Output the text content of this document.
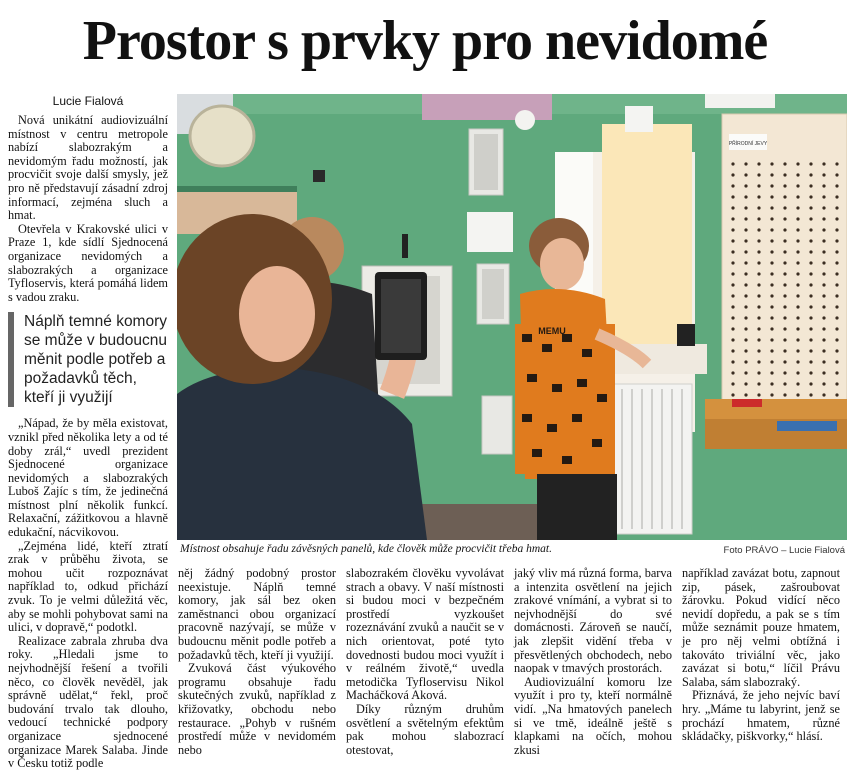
Prostor s prvky pro nevidomé
Lucie Fialová

Nová unikátní audiovizuální místnost v centru metropole nabízí slabozrakým a nevidomým řadu možností, jak procvičit svoje další smysly, jež pro ně představují zásadní zdroj informací, zejména sluch a hmat.

Otevřela v Krakovské ulici v Praze 1, kde sídlí Sjednocená organizace nevidomých a slabozrakých a organizace Tyfloservis, která pomáhá lidem s vadou zraku.

Náplň temné komory se může v budoucnu měnit podle potřeb a požadavků těch, kteří ji využijí

„Nápad, že by měla existovat, vznikl před několika lety a od té doby zrál,“ uvedl prezident Sjednocené organizace nevidomých a slabozrakých Luboš Zajíc s tím, že jedinečná místnost plní několik funkcí. Relaxační, zážitkovou a hlavně edukační, nácvikovou.

„Zejména lidé, kteří ztratí zrak v průběhu života, se mohou učit rozpoznávat například to, odkud přichází zvuk. To je velmi důležitá věc, aby se mohli pohybovat sami na ulici, v dopravě,“ podotkl.

Realizace zabrala zhruba dva roky. „Hledali jsme to nejvhodnější řešení a tvořili něco, co člověk nevěděl, jak správně udělat,“ řekl, proč budování trvalo tak dlouho, vedoucí technické podpory organizace sjednocené organizace Marek Salaba. Jinde v Česku totiž podle

PŘÍRODNÍ JEVY
MEMU
Místnost obsahuje řadu závěsných panelů, kde člověk může procvičit třeba hmat.	Foto PRÁVO – Lucie Fialová

něj žádný podobný prostor neexistuje. Náplň temné komory, jak sál bez oken zaměstnanci obou organizací pracovně nazývají, se může v budoucnu měnit podle potřeb a požadavků těch, kteří ji využijí.

Zvuková část výukového programu obsahuje řadu skutečných zvuků, například z křižovatky, obchodu nebo restaurace. „Pohyb v rušném prostředí může v nevidomém nebo

slabozrakém člověku vyvolávat strach a obavy. V naší místnosti si budou moci v bezpečném prostředí vyzkoušet rozeznávání zvuků a naučit se v nich orientovat, poté tyto dovednosti budou moci využít i v reálném životě,“ uvedla metodička Tyfloservisu Nikol Macháčková Aková.

Díky různým druhům osvětlení a světelným efektům pak mohou slabozrací otestovat,

jaký vliv má různá forma, barva a intenzita osvětlení na jejich zrakové vnímání, a vybrat si to nejvhodnější do své domácnosti. Zároveň se naučí, jak zlepšit vidění třeba v přesvětlených obchodech, nebo naopak v tmavých prostorách.

Audiovizuální komoru lze využít i pro ty, kteří normálně vidí. „Na hmatových panelech si ve tmě, ideálně ještě s klapkami na očích, mohou zkusi

například zavázat botu, zapnout zip, pásek, zašroubovat žárovku. Pokud vidící něco nevidí dopředu, a pak se s tím může seznámit pouze hmatem, je pro něj velmi obtížná i takováto triviální věc, jako zavázat si botu,“ líčil Právu Salaba, sám slabozraký.

Přiznává, že jeho nejvíc baví hry. „Máme tu labyrint, jenž se prochází hmatem, různé skládačky, piškvorky,“ hlásí.
